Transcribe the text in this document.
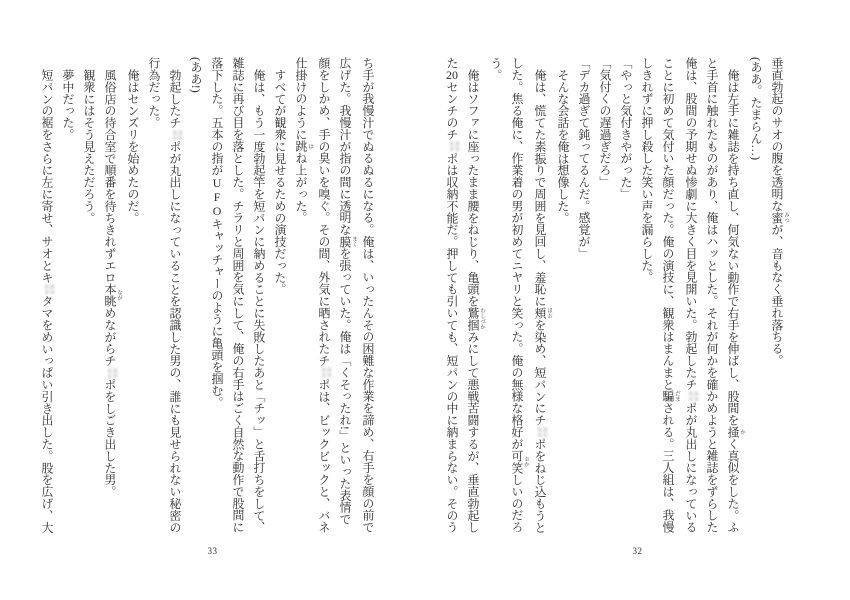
ち手が我慢汁でぬるぬるになる。俺は、いったんその困難な作業を諦め、右手を顔の前で

広げた。我慢汁が指の間に透明な膜 まくを張っていた。俺は「くそったれ!」といった表情で

顔をしかめ、手の臭いを嗅ぐ。その間、外気に晒されたチポは、ビックビックと、バネ

仕掛けのように跳 はね上がった。

すべてが観衆に見せるための演技だった。

俺は、もう一度勃起竿を短パンに納めることに失敗したあと「チッ」と舌打ちをして、

雑誌に再び目を落とした。チラリと周囲を気にして、俺の右手はごく自然な動作で股間に

落下した。五本の指がUFOキャッチャーのように亀頭を掴む。

(ああ!)

勃起したチポが丸出しになっていることを認識した男の、誰にも見せられない秘密の

行為だった。

俺はセンズリを始めたのだ。

風俗店の待合室で順番を待ちきれずエロ本眺 ながめながらチポをしごき出した男。

観衆にはそう見えただろう。

夢中だった。

短パンの裾をさらに左に寄せ、サオとキタマをめいっぱい引き出した。股を広げ、大

33

垂直勃起のサオの腹を透明な蜜 みつが、音もなく垂れ落ちる。

(ああ。たまらん…)

俺は左手に雑誌を持ち直し、何気ない動作で右手を伸ばし、股間を掻 かく真似をした。ふ

と手首に触れたものがあり、俺はハッとした。それが何かを確かめようと雑誌をずらした

俺は、股間の予期せぬ惨劇に大きく目を見開いた。勃起したチポが丸出しになっている

ことに初めて気付いた顔だった。俺の演技に、観衆はまんまと騙 だまされる。三人組は、我慢

しきれずに押し殺した笑い声を漏らした。

「やっと気付きやがった」

「気付くの遅過ぎだろ」

「デカ過ぎて鈍ってるんだ。感覚が」

そんな会話を俺は想像した。

俺は、慌てた素振りで周囲を見回し、羞恥に頬 ほおを染め、短パンにチポをねじ込もうと

した。焦る俺に、作業着の男が初めてニヤリと笑った。俺の無様な格好が可笑 おかしいのだろ

う。

俺はソファに座ったまま腰をねじり、亀頭を鷲掴 わしづかみにして悪戦苦闘するが、垂直勃起し

た20センチのチポは収納不能だ。押しても引いても、短パンの中に納まらない。そのう

32
